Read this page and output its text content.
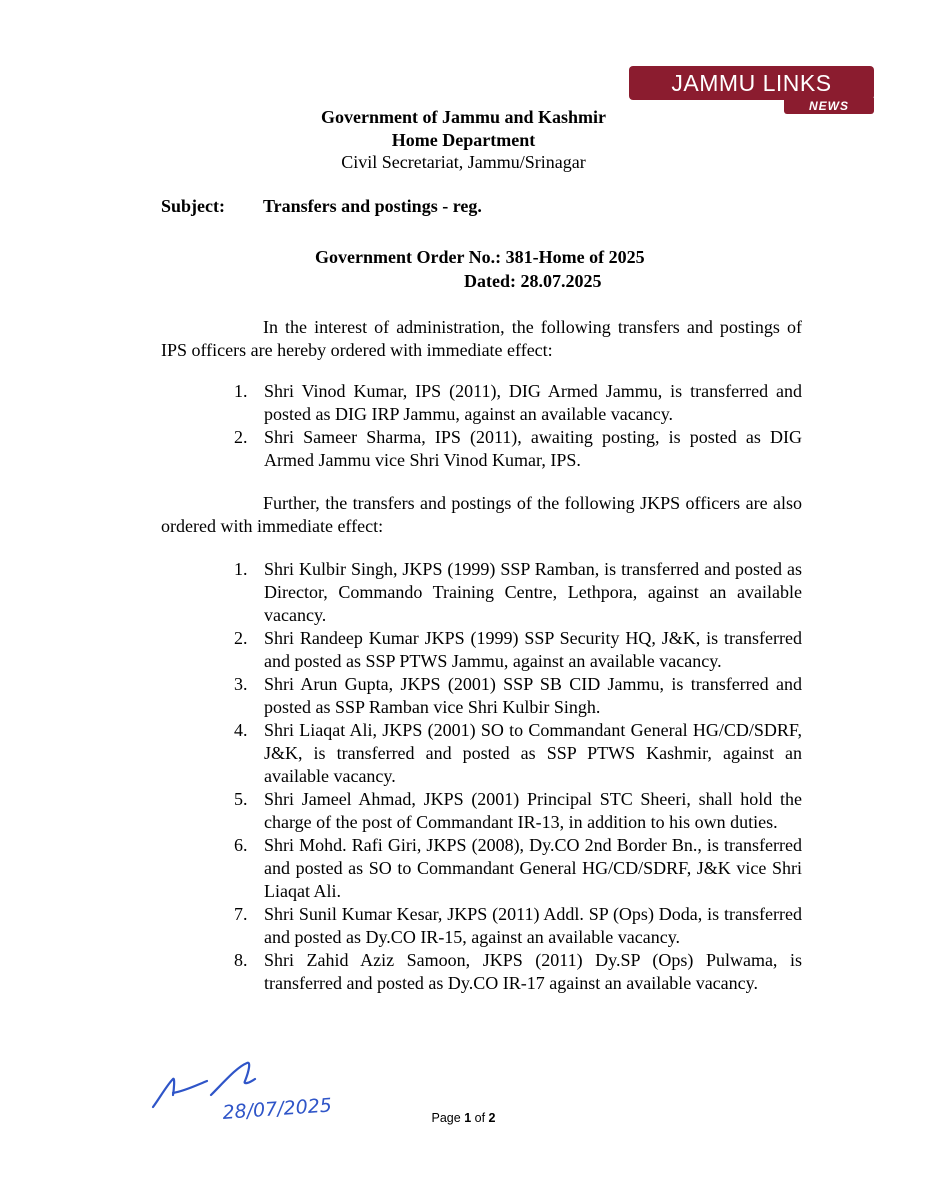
JAMMU LINKS
NEWS
Government of Jammu and Kashmir
Home Department
Civil Secretariat, Jammu/Srinagar
Subject: Transfers and postings - reg.
Government Order No.: 381-Home of 2025
Dated: 28.07.2025

In the interest of administration, the following transfers and postings of IPS officers are hereby ordered with immediate effect:

1. Shri Vinod Kumar, IPS (2011), DIG Armed Jammu, is transferred and posted as DIG IRP Jammu, against an available vacancy.
2. Shri Sameer Sharma, IPS (2011), awaiting posting, is posted as DIG Armed Jammu vice Shri Vinod Kumar, IPS.

Further, the transfers and postings of the following JKPS officers are also ordered with immediate effect:

1. Shri Kulbir Singh, JKPS (1999) SSP Ramban, is transferred and posted as Director, Commando Training Centre, Lethpora, against an available vacancy.
2. Shri Randeep Kumar JKPS (1999) SSP Security HQ, J&K, is transferred and posted as SSP PTWS Jammu, against an available vacancy.
3. Shri Arun Gupta, JKPS (2001) SSP SB CID Jammu, is transferred and posted as SSP Ramban vice Shri Kulbir Singh.
4. Shri Liaqat Ali, JKPS (2001) SO to Commandant General HG/CD/SDRF, J&K, is transferred and posted as SSP PTWS Kashmir, against an available vacancy.
5. Shri Jameel Ahmad, JKPS (2001) Principal STC Sheeri, shall hold the charge of the post of Commandant IR-13, in addition to his own duties.
6. Shri Mohd. Rafi Giri, JKPS (2008), Dy.CO 2nd Border Bn., is transferred and posted as SO to Commandant General HG/CD/SDRF, J&K vice Shri Liaqat Ali.
7. Shri Sunil Kumar Kesar, JKPS (2011) Addl. SP (Ops) Doda, is transferred and posted as Dy.CO IR-15, against an available vacancy.
8. Shri Zahid Aziz Samoon, JKPS (2011) Dy.SP (Ops) Pulwama, is transferred and posted as Dy.CO IR-17 against an available vacancy.
28/07/2025	Page 1 of 2
